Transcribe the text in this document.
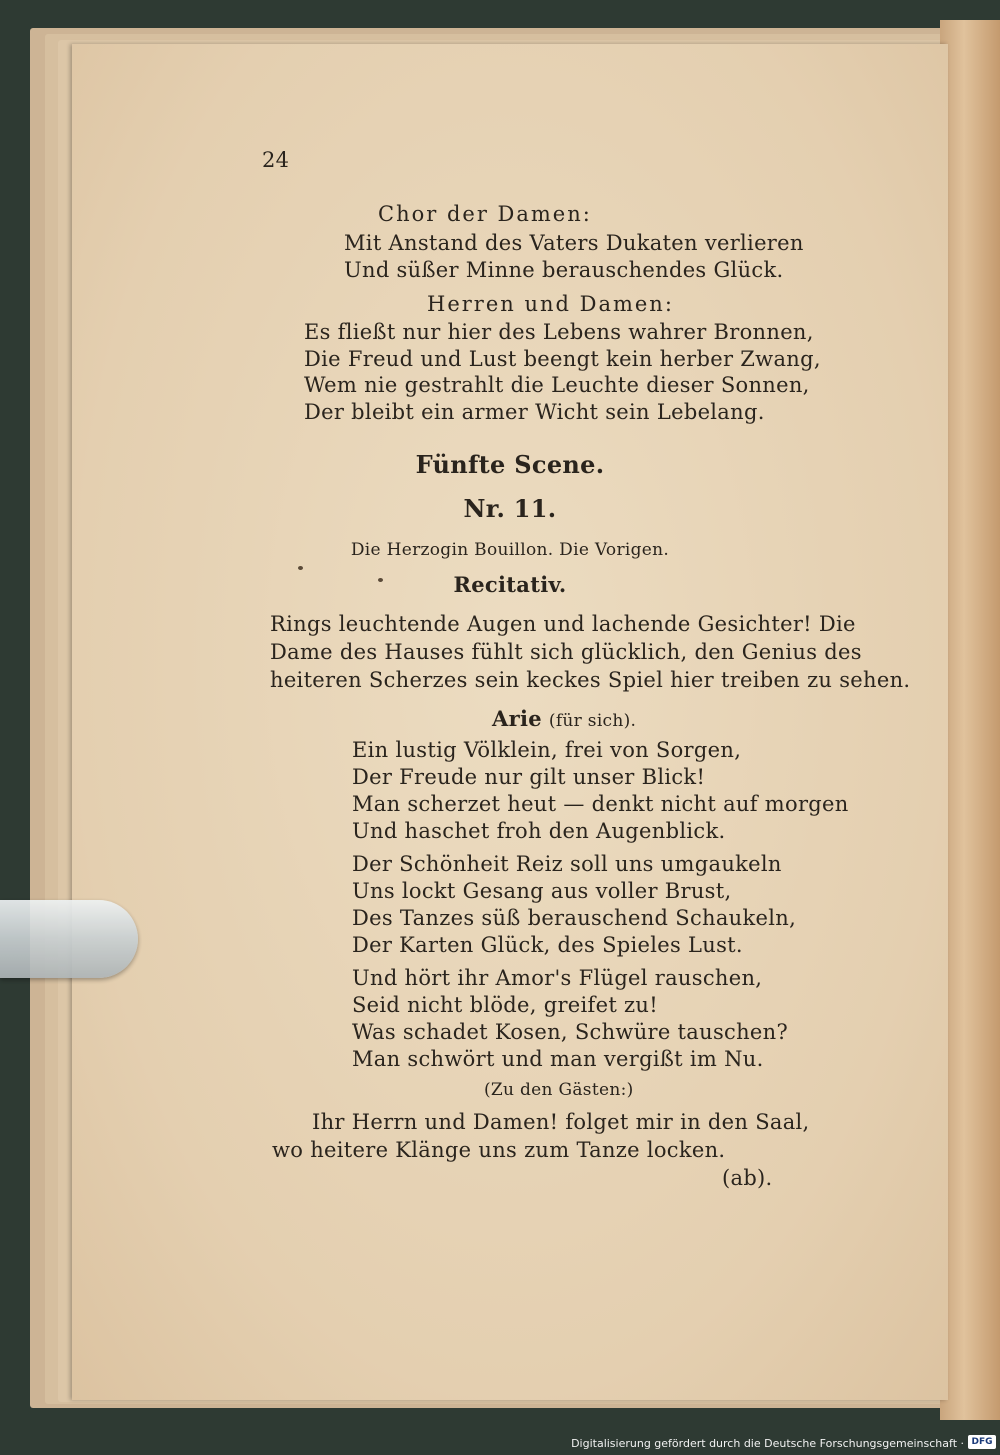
24
Chor der Damen:
Mit Anstand des Vaters Dukaten verlieren
Und süßer Minne berauschendes Glück.
Herren und Damen:
Es fließt nur hier des Lebens wahrer Bronnen,
Die Freud und Lust beengt kein herber Zwang,
Wem nie gestrahlt die Leuchte dieser Sonnen,
Der bleibt ein armer Wicht sein Lebelang.
Fünfte Scene.
Nr. 11.
Die Herzogin Bouillon. Die Vorigen.
Recitativ.
Rings leuchtende Augen und lachende Gesichter! Die
Dame des Hauses fühlt sich glücklich, den Genius des
heiteren Scherzes sein keckes Spiel hier treiben zu sehen.
Arie (für sich).
Ein lustig Völklein, frei von Sorgen,
Der Freude nur gilt unser Blick!
Man scherzet heut — denkt nicht auf morgen
Und haschet froh den Augenblick.
Der Schönheit Reiz soll uns umgaukeln
Uns lockt Gesang aus voller Brust,
Des Tanzes süß berauschend Schaukeln,
Der Karten Glück, des Spieles Lust.
Und hört ihr Amor's Flügel rauschen,
Seid nicht blöde, greifet zu!
Was schadet Kosen, Schwüre tauschen?
Man schwört und man vergißt im Nu.
(Zu den Gästen:)
Ihr Herrn und Damen! folget mir in den Saal,
wo heitere Klänge uns zum Tanze locken.
(ab).
Digitalisierung gefördert durch die Deutsche Forschungsgemeinschaft · DFG
